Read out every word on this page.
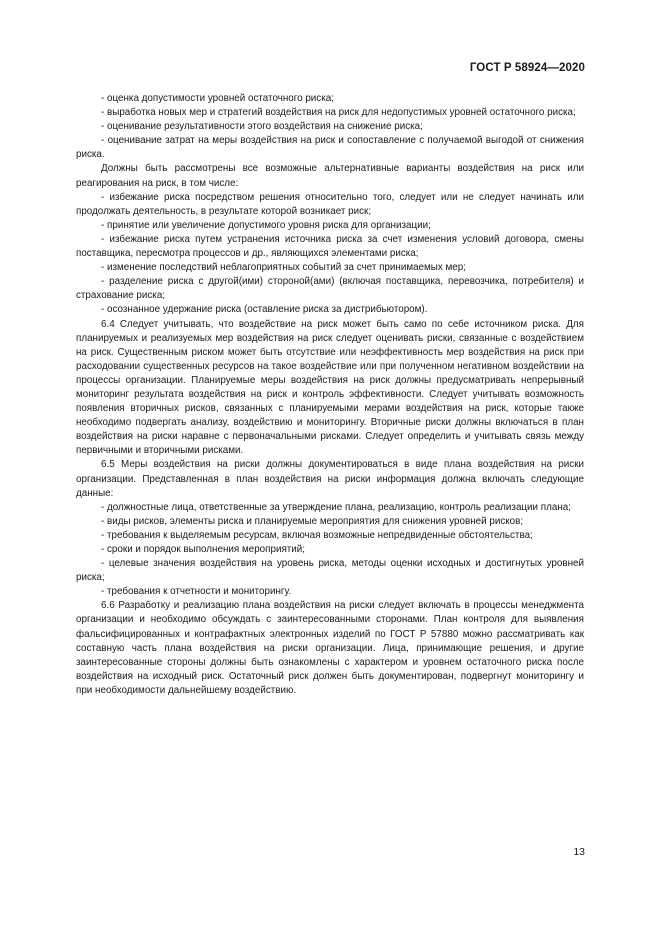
ГОСТ Р 58924—2020

- оценка допустимости уровней остаточного риска;

- выработка новых мер и стратегий воздействия на риск для недопустимых уровней остаточного риска;

- оценивание результативности этого воздействия на снижение риска;

- оценивание затрат на меры воздействия на риск и сопоставление с получаемой выгодой от снижения риска.

Должны быть рассмотрены все возможные альтернативные варианты воздействия на риск или реагирования на риск, в том числе:

- избежание риска посредством решения относительно того, следует или не следует начинать или продолжать деятельность, в результате которой возникает риск;

- принятие или увеличение допустимого уровня риска для организации;

- избежание риска путем устранения источника риска за счет изменения условий договора, смены поставщика, пересмотра процессов и др., являющихся элементами риска;

- изменение последствий неблагоприятных событий за счет принимаемых мер;

- разделение риска с другой(ими) стороной(ами) (включая поставщика, перевозчика, потребителя) и страхование риска;

- осознанное удержание риска (оставление риска за дистрибьютором).

6.4 Следует учитывать, что воздействие на риск может быть само по себе источником риска. Для планируемых и реализуемых мер воздействия на риск следует оценивать риски, связанные с воздействием на риск. Существенным риском может быть отсутствие или неэффективность мер воздействия на риск при расходовании существенных ресурсов на такое воздействие или при полученном негативном воздействии на процессы организации. Планируемые меры воздействия на риск должны предусматривать непрерывный мониторинг результата воздействия на риск и контроль эффективности. Следует учитывать возможность появления вторичных рисков, связанных с планируемыми мерами воздействия на риск, которые также необходимо подвергать анализу, воздействию и мониторингу. Вторичные риски должны включаться в план воздействия на риски наравне с первоначальными рисками. Следует определить и учитывать связь между первичными и вторичными рисками.

6.5 Меры воздействия на риски должны документироваться в виде плана воздействия на риски организации. Представленная в план воздействия на риски информация должна включать следующие данные:

- должностные лица, ответственные за утверждение плана, реализацию, контроль реализации плана;

- виды рисков, элементы риска и планируемые мероприятия для снижения уровней рисков;

- требования к выделяемым ресурсам, включая возможные непредвиденные обстоятельства;

- сроки и порядок выполнения мероприятий;

- целевые значения воздействия на уровень риска, методы оценки исходных и достигнутых уровней риска;

- требования к отчетности и мониторингу.

6.6 Разработку и реализацию плана воздействия на риски следует включать в процессы менеджмента организации и необходимо обсуждать с заинтересованными сторонами. План контроля для выявления фальсифицированных и контрафактных электронных изделий по ГОСТ Р 57880 можно рассматривать как составную часть плана воздействия на риски организации. Лица, принимающие решения, и другие заинтересованные стороны должны быть ознакомлены с характером и уровнем остаточного риска после воздействия на исходный риск. Остаточный риск должен быть документирован, подвергнут мониторингу и при необходимости дальнейшему воздействию.

13
